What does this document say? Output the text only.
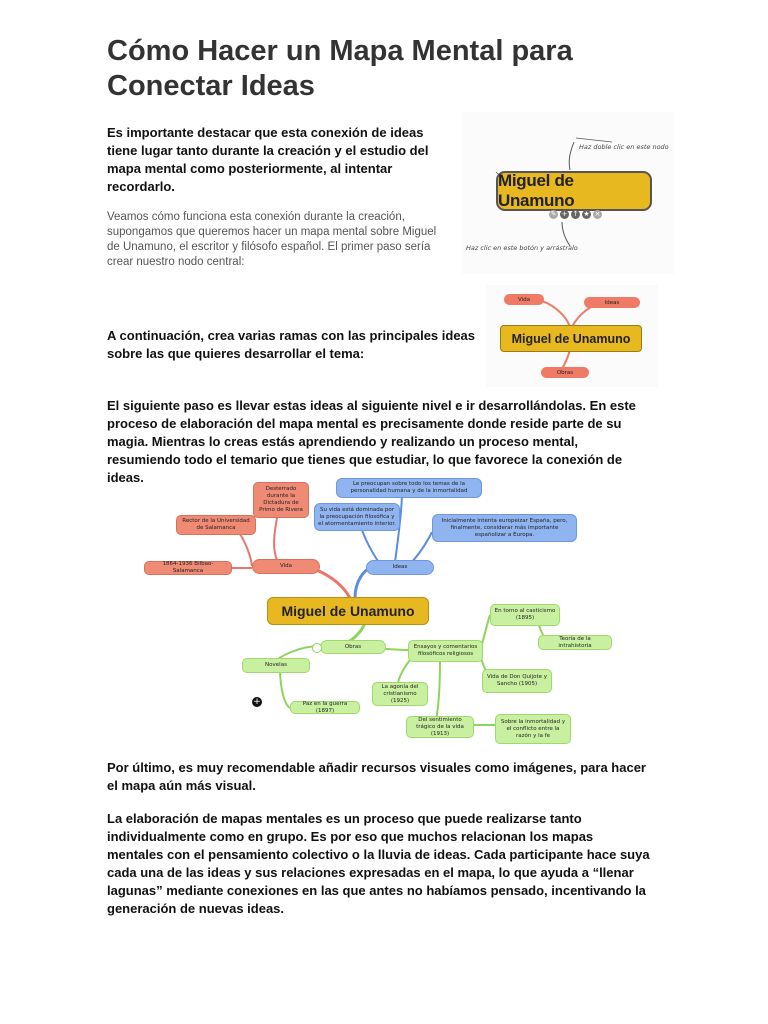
Cómo Hacer un Mapa Mental para Conectar Ideas

Es importante destacar que esta conexión de ideas tiene lugar tanto durante la creación y el estudio del mapa mental como posteriormente, al intentar recordarlo.

Veamos cómo funciona esta conexión durante la creación, supongamos que queremos hacer un mapa mental sobre Miguel de Unamuno, el escritor y filósofo español. El primer paso sería crear nuestro nodo central:

Haz doble clic en este nodo
Miguel de Unamuno
✎ + ↑ ★ ×
Haz clic en este botón y arrástralo

A continuación, crea varias ramas con las principales ideas sobre las que quieres desarrollar el tema:

Vida	Ideas
Miguel de Unamuno
Obras

El siguiente paso es llevar estas ideas al siguiente nivel e ir desarrollándolas. En este proceso de elaboración del mapa mental es precisamente donde reside parte de su magia. Mientras lo creas estás aprendiendo y realizando un proceso mental, resumiendo todo el temario que tienes que estudiar, lo que favorece la conexión de ideas.

Desterrado durante la Dictadura de Primo de Rivera
Rector de la Universidad de Salamanca
1864-1936 Bilbao-Salamanca
Vida
Le preocupan sobre todo los temas de la personalidad humana y de la inmortalidad
Su vida está dominada por la preocupación filosófica y el atormentamiento interior.	Inicialmente intenta europeizar España, pero, finalmente, considerar más importante españolizar a Europa.
Ideas
Miguel de Unamuno
Obras
Novelas
+	Paz en la guerra (1897)
Ensayos y comentarios filosóficos religiosos
En torno al casticismo (1895)
Teoría de la intrahistoria
Vida de Don Quijote y Sancho (1905)
La agonía del cristianismo (1925)
Del sentimiento trágico de la vida (1913)
Sobre la inmortalidad y el conflicto entre la razón y la fe

Por último, es muy recomendable añadir recursos visuales como imágenes, para hacer el mapa aún más visual.

La elaboración de mapas mentales es un proceso que puede realizarse tanto individualmente como en grupo. Es por eso que muchos relacionan los mapas mentales con el pensamiento colectivo o la lluvia de ideas. Cada participante hace suya cada una de las ideas y sus relaciones expresadas en el mapa, lo que ayuda a “llenar lagunas” mediante conexiones en las que antes no habíamos pensado, incentivando la generación de nuevas ideas.
